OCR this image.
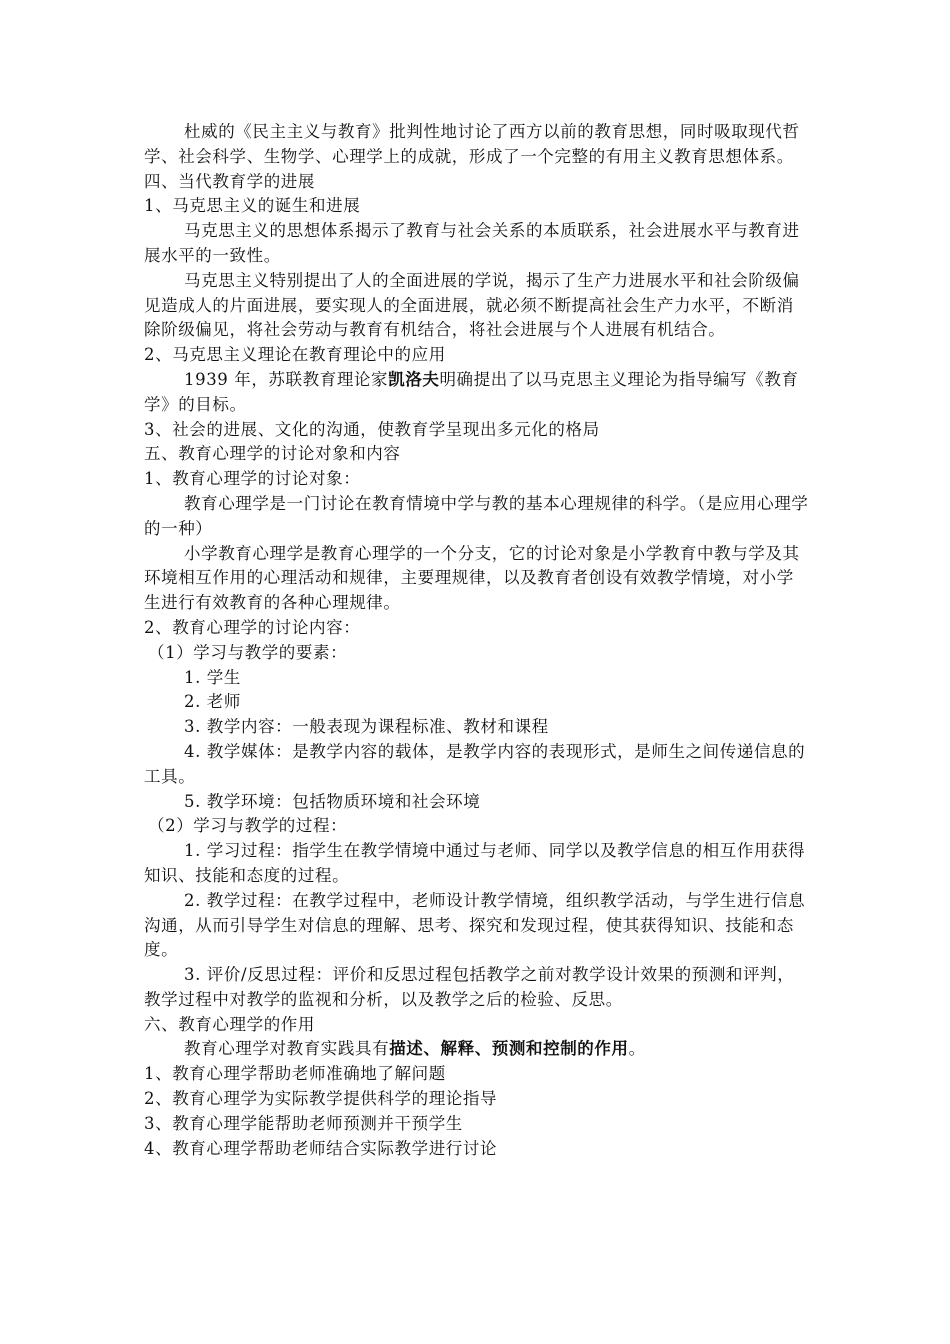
杜威的《民主主义与教育》批判性地讨论了西方以前的教育思想，同时吸取现代哲学、社会科学、生物学、心理学上的成就，形成了一个完整的有用主义教育思想体系。
四、当代教育学的进展
1、马克思主义的诞生和进展
马克思主义的思想体系揭示了教育与社会关系的本质联系，社会进展水平与教育进展水平的一致性。
马克思主义特别提出了人的全面进展的学说，揭示了生产力进展水平和社会阶级偏见造成人的片面进展，要实现人的全面进展，就必须不断提高社会生产力水平，不断消除阶级偏见，将社会劳动与教育有机结合，将社会进展与个人进展有机结合。
2、马克思主义理论在教育理论中的应用
1939 年，苏联教育理论家凯洛夫明确提出了以马克思主义理论为指导编写《教育学》的目标。
3、社会的进展、文化的沟通，使教育学呈现出多元化的格局
五、教育心理学的讨论对象和内容
1、教育心理学的讨论对象：
教育心理学是一门讨论在教育情境中学与教的基本心理规律的科学。（是应用心理学的一种）
小学教育心理学是教育心理学的一个分支，它的讨论对象是小学教育中教与学及其环境相互作用的心理活动和规律，主要理规律，以及教育者创设有效教学情境，对小学生进行有效教育的各种心理规律。
2、教育心理学的讨论内容：
（1）学习与教学的要素：
1. 学生
2. 老师
3. 教学内容：一般表现为课程标准、教材和课程
4. 教学媒体：是教学内容的载体，是教学内容的表现形式，是师生之间传递信息的工具。
5. 教学环境：包括物质环境和社会环境
（2）学习与教学的过程：
1. 学习过程：指学生在教学情境中通过与老师、同学以及教学信息的相互作用获得知识、技能和态度的过程。
2. 教学过程：在教学过程中，老师设计教学情境，组织教学活动，与学生进行信息沟通，从而引导学生对信息的理解、思考、探究和发现过程，使其获得知识、技能和态度。
3. 评价/反思过程：评价和反思过程包括教学之前对教学设计效果的预测和评判，教学过程中对教学的监视和分析，以及教学之后的检验、反思。
六、教育心理学的作用
教育心理学对教育实践具有描述、解释、预测和控制的作用。
1、教育心理学帮助老师准确地了解问题
2、教育心理学为实际教学提供科学的理论指导
3、教育心理学能帮助老师预测并干预学生
4、教育心理学帮助老师结合实际教学进行讨论
